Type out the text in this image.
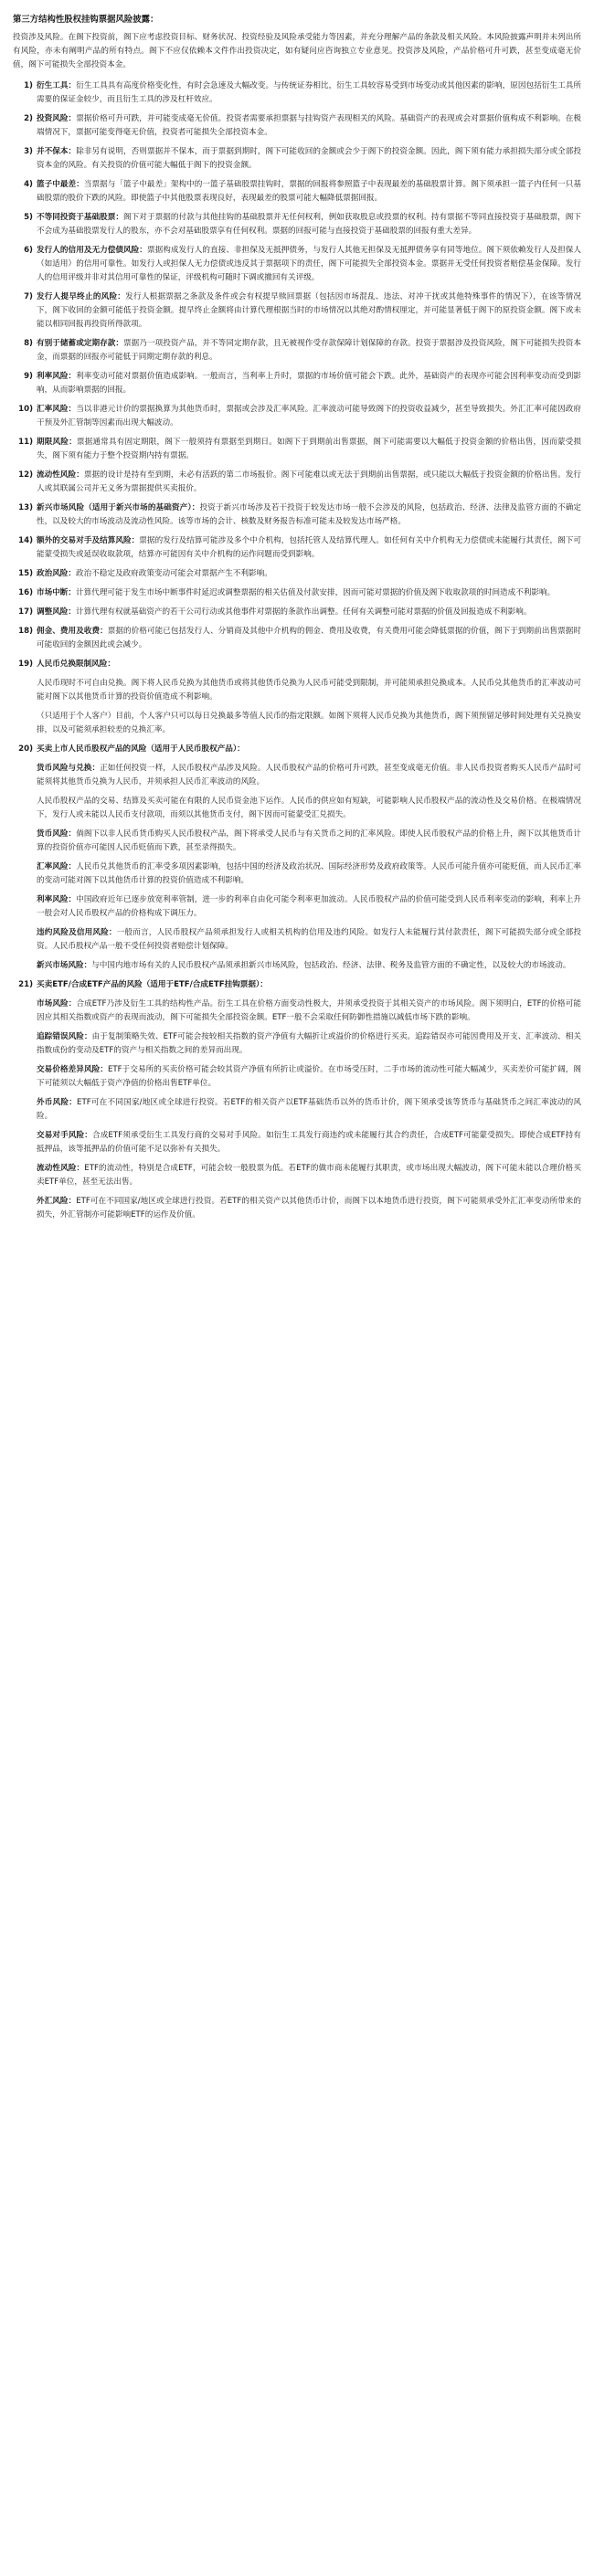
第三方结构性股权挂钩票据风险披露：
投资涉及风险。在阁下投资前，阁下应考虑投资目标、财务状况、投资经验及风险承受能力等因素，并充分理解产品的条款及相关风险。本风险披露声明并未列出所有风险，亦未有阐明产品的所有特点。阁下不应仅依赖本文件作出投资决定，如有疑问应咨询独立专业意见。投资涉及风险，产品价格可升可跌，甚至变成毫无价值，阁下可能损失全部投资本金。
1) 衍生工具：衍生工具具有高度价格变化性，有时会急速及大幅改变。与传统证券相比，衍生工具较容易受到市场变动或其他因素的影响，原因包括衍生工具所需要的保证金较少，而且衍生工具的涉及杠杆效应。
2) 投资风险：票据价格可升可跌，并可能变成毫无价值。投资者需要承担票据与挂钩资产表现相关的风险。基础资产的表现或会对票据价值构成不利影响。在极端情况下，票据可能变得毫无价值，投资者可能损失全部投资本金。
3) 并不保本：除非另有说明，否则票据并不保本，而于票据到期时，阁下可能收回的金额或会少于阁下的投资金额。因此，阁下须有能力承担损失部分或全部投资本金的风险。有关投资的价值可能大幅低于阁下的投资金额。
4) 篮子中最差：当票据与「篮子中最差」架构中的一篮子基础股票挂钩时，票据的回报将参照篮子中表现最差的基础股票计算。阁下须承担一篮子内任何一只基础股票的股价下跌的风险。即使篮子中其他股票表现良好，表现最差的股票可能大幅降低票据回报。
5) 不等同投资于基础股票：阁下对于票据的付款与其他挂钩的基础股票并无任何权利，例如获取股息或投票的权利。持有票据不等同直接投资于基础股票，阁下不会成为基础股票发行人的股东，亦不会对基础股票享有任何权利。票据的回报可能与直接投资于基础股票的回报有重大差异。
6) 发行人的信用及无力偿债风险：票据构成发行人的直接、非担保及无抵押债务，与发行人其他无担保及无抵押债务享有同等地位。阁下须依赖发行人及担保人（如适用）的信用可靠性。如发行人或担保人无力偿债或违反其于票据项下的责任，阁下可能损失全部投资本金。票据并无受任何投资者赔偿基金保障。发行人的信用评级并非对其信用可靠性的保证，评级机构可随时下调或撤回有关评级。
7) 发行人提早终止的风险：发行人根据票据之条款及条件或会有权提早赎回票据（包括因市场混乱、违法、对冲干扰或其他特殊事件的情况下），在该等情况下，阁下收回的金额可能低于投资金额。提早终止金额将由计算代理根据当时的市场情况以其绝对酌情权厘定，并可能显著低于阁下的原投资金额。阁下或未能以相同回报再投资所得款项。
8) 有别于储蓄或定期存款：票据乃一项投资产品，并不等同定期存款，且无被视作受存款保障计划保障的存款。投资于票据涉及投资风险，阁下可能损失投资本金，而票据的回报亦可能低于同期定期存款的利息。
9) 利率风险：利率变动可能对票据价值造成影响。一般而言，当利率上升时，票据的市场价值可能会下跌。此外，基础资产的表现亦可能会因利率变动而受到影响，从而影响票据的回报。
10) 汇率风险：当以非港元计价的票据换算为其他货币时，票据或会涉及汇率风险。汇率波动可能导致阁下的投资收益减少，甚至导致损失。外汇汇率可能因政府干预及外汇管制等因素而出现大幅波动。
11) 期限风险：票据通常具有固定期限，阁下一般须持有票据至到期日。如阁下于到期前出售票据，阁下可能需要以大幅低于投资金额的价格出售，因而蒙受损失，阁下须有能力于整个投资期内持有票据。
12) 流动性风险：票据的设计是持有至到期，未必有活跃的第二市场报价。阁下可能难以或无法于到期前出售票据，或只能以大幅低于投资金额的价格出售。发行人或其联属公司并无义务为票据提供买卖报价。
13) 新兴市场风险（适用于新兴市场的基础资产）：投资于新兴市场涉及若干投资于较发达市场一般不会涉及的风险，包括政治、经济、法律及监管方面的不确定性，以及较大的市场波动及流动性风险。该等市场的会计、核数及财务报告标准可能未及较发达市场严格。
14) 额外的交易对手及结算风险：票据的发行及结算可能涉及多个中介机构，包括托管人及结算代理人。如任何有关中介机构无力偿债或未能履行其责任，阁下可能蒙受损失或延误收取款项，结算亦可能因有关中介机构的运作问题而受到影响。
15) 政治风险：政治不稳定及政府政策变动可能会对票据产生不利影响。
16) 市场中断：计算代理可能于发生市场中断事件时延迟或调整票据的相关估值及付款安排，因而可能对票据的价值及阁下收取款项的时间造成不利影响。
17) 调整风险：计算代理有权就基础资产的若干公司行动或其他事件对票据的条款作出调整。任何有关调整可能对票据的价值及回报造成不利影响。
18) 佣金、费用及收费：票据的价格可能已包括发行人、分销商及其他中介机构的佣金、费用及收费，有关费用可能会降低票据的价值，阁下于到期前出售票据时可能收回的金额因此或会减少。
19) 人民币兑换限制风险：
人民币现时不可自由兑换。阁下将人民币兑换为其他货币或将其他货币兑换为人民币可能受到限制，并可能须承担兑换成本。人民币兑其他货币的汇率波动可能对阁下以其他货币计算的投资价值造成不利影响。
（只适用于个人客户）目前，个人客户只可以每日兑换最多等值人民币的指定限额。如阁下须将人民币兑换为其他货币，阁下须预留足够时间处理有关兑换安排，以及可能须承担较差的兑换汇率。
20) 买卖上市人民币股权产品的风险（适用于人民币股权产品）：
货币风险与兑换：正如任何投资一样，人民币股权产品涉及风险。人民币股权产品的价格可升可跌，甚至变成毫无价值。非人民币投资者购买人民币产品时可能须将其他货币兑换为人民币，并须承担人民币汇率波动的风险。
人民币股权产品的交易、结算及买卖可能在有限的人民币资金池下运作。人民币的供应如有短缺，可能影响人民币股权产品的流动性及交易价格。在极端情况下，发行人或未能以人民币支付款项，而须以其他货币支付，阁下因而可能蒙受汇兑损失。
货币风险：倘阁下以非人民币货币购买人民币股权产品，阁下将承受人民币与有关货币之间的汇率风险。即使人民币股权产品的价格上升，阁下以其他货币计算的投资价值亦可能因人民币贬值而下跌，甚至录得损失。
汇率风险：人民币兑其他货币的汇率受多项因素影响，包括中国的经济及政治状况、国际经济形势及政府政策等。人民币可能升值亦可能贬值，而人民币汇率的变动可能对阁下以其他货币计算的投资价值造成不利影响。
利率风险：中国政府近年已逐步放宽利率管制，进一步的利率自由化可能令利率更加波动。人民币股权产品的价值可能受到人民币利率变动的影响，利率上升一般会对人民币股权产品的价格构成下调压力。
违约风险及信用风险：一般而言，人民币股权产品须承担发行人或相关机构的信用及违约风险。如发行人未能履行其付款责任，阁下可能损失部分或全部投资。人民币股权产品一般不受任何投资者赔偿计划保障。
新兴市场风险：与中国内地市场有关的人民币股权产品须承担新兴市场风险，包括政治、经济、法律、税务及监管方面的不确定性，以及较大的市场波动。
21) 买卖ETF/合成ETF产品的风险（适用于ETF/合成ETF挂钩票据）：
市场风险：合成ETF乃涉及衍生工具的结构性产品。衍生工具在价格方面变动性极大，并须承受投资于其相关资产的市场风险。阁下须明白，ETF的价格可能因应其相关指数或资产的表现而波动，阁下可能损失全部投资金额。ETF一般不会采取任何防御性措施以减低市场下跌的影响。
追踪错误风险：由于复制策略失效、ETF可能会按较相关指数的资产净值有大幅折让或溢价的价格进行买卖。追踪错误亦可能因费用及开支、汇率波动、相关指数成份的变动及ETF的资产与相关指数之间的差异而出现。
交易价格差异风险：ETF于交易所的买卖价格可能会较其资产净值有所折让或溢价。在市场受压时，二手市场的流动性可能大幅减少，买卖差价可能扩阔，阁下可能须以大幅低于资产净值的价格出售ETF单位。
外币风险：ETF可在不同国家/地区或全球进行投资。若ETF的相关资产以ETF基础货币以外的货币计价，阁下须承受该等货币与基础货币之间汇率波动的风险。
交易对手风险：合成ETF须承受衍生工具发行商的交易对手风险。如衍生工具发行商违约或未能履行其合约责任，合成ETF可能蒙受损失。即使合成ETF持有抵押品，该等抵押品的价值可能不足以弥补有关损失。
流动性风险：ETF的流动性，特别是合成ETF，可能会较一般股票为低。若ETF的做市商未能履行其职责，或市场出现大幅波动，阁下可能未能以合理价格买卖ETF单位，甚至无法出售。
外汇风险：ETF可在不同国家/地区或全球进行投资。若ETF的相关资产以其他货币计价，而阁下以本地货币进行投资，阁下可能须承受外汇汇率变动所带来的损失，外汇管制亦可能影响ETF的运作及价值。
